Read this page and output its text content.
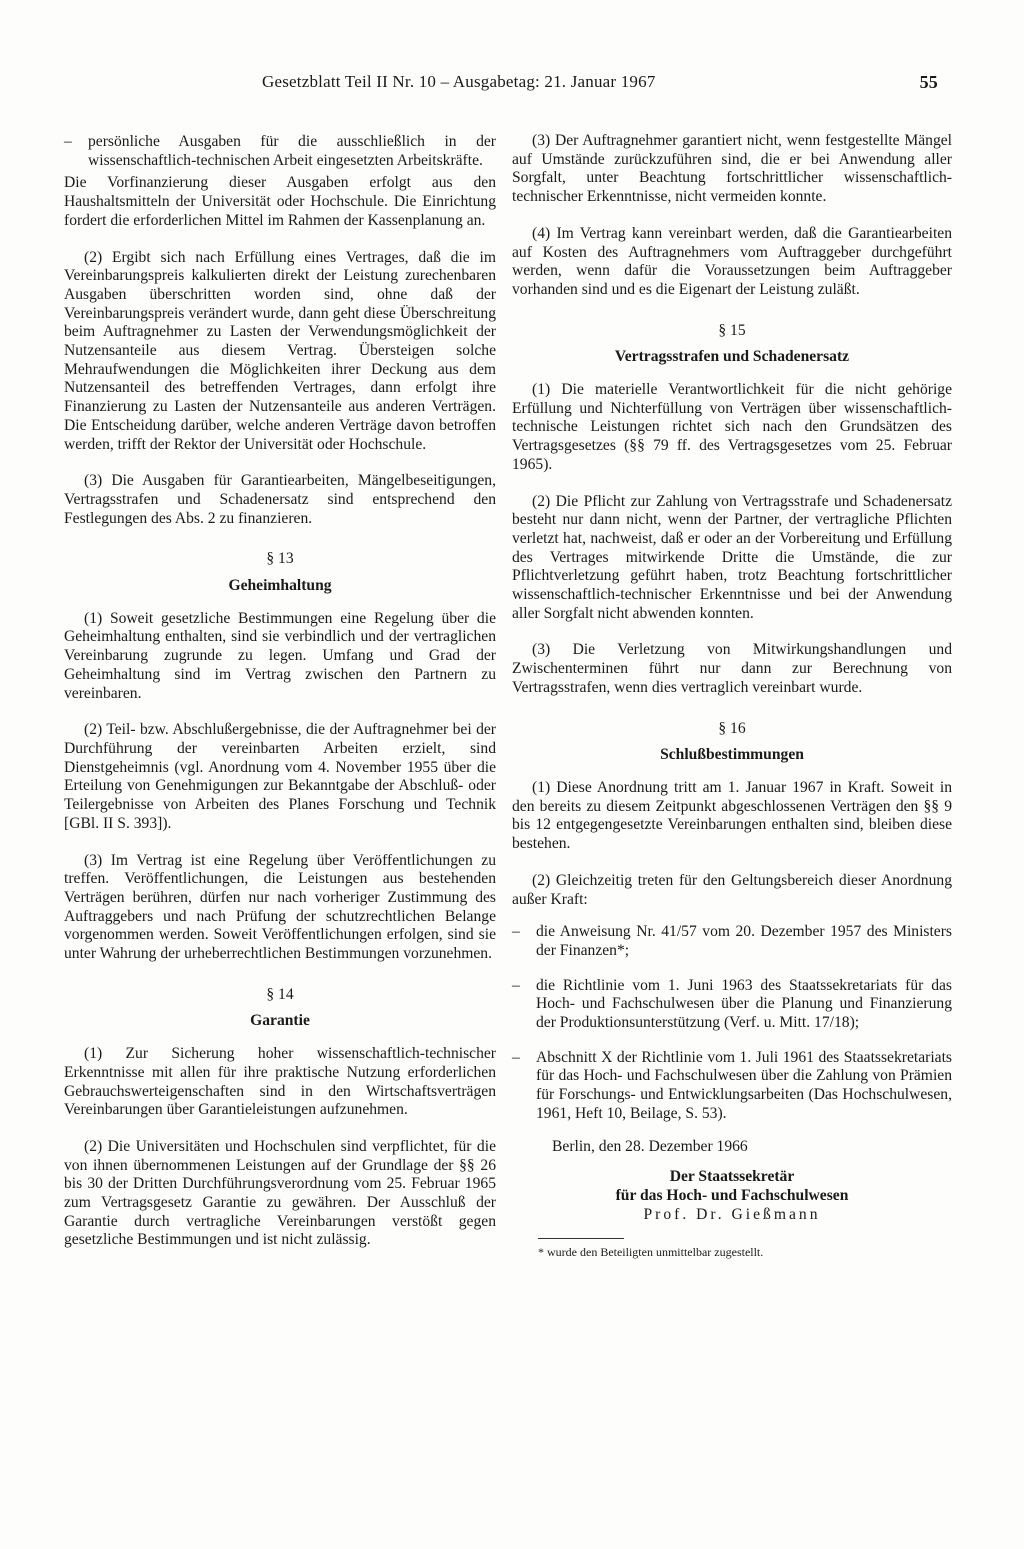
Gesetzblatt Teil II Nr. 10 – Ausgabetag: 21. Januar 1967	55
– persönliche Ausgaben für die ausschließlich in der wissenschaftlich-technischen Arbeit eingesetzten Arbeitskräfte.

Die Vorfinanzierung dieser Ausgaben erfolgt aus den Haushaltsmitteln der Universität oder Hochschule. Die Einrichtung fordert die erforderlichen Mittel im Rahmen der Kassenplanung an.

(2) Ergibt sich nach Erfüllung eines Vertrages, daß die im Vereinbarungspreis kalkulierten direkt der Leistung zurechenbaren Ausgaben überschritten worden sind, ohne daß der Vereinbarungspreis verändert wurde, dann geht diese Überschreitung beim Auftragnehmer zu Lasten der Verwendungsmöglichkeit der Nutzensanteile aus diesem Vertrag. Übersteigen solche Mehraufwendungen die Möglichkeiten ihrer Deckung aus dem Nutzensanteil des betreffenden Vertrages, dann erfolgt ihre Finanzierung zu Lasten der Nutzensanteile aus anderen Verträgen. Die Entscheidung darüber, welche anderen Verträge davon betroffen werden, trifft der Rektor der Universität oder Hochschule.

(3) Die Ausgaben für Garantiearbeiten, Mängelbeseitigungen, Vertragsstrafen und Schadenersatz sind entsprechend den Festlegungen des Abs. 2 zu finanzieren.

§ 13

Geheimhaltung

(1) Soweit gesetzliche Bestimmungen eine Regelung über die Geheimhaltung enthalten, sind sie verbindlich und der vertraglichen Vereinbarung zugrunde zu legen. Umfang und Grad der Geheimhaltung sind im Vertrag zwischen den Partnern zu vereinbaren.

(2) Teil- bzw. Abschlußergebnisse, die der Auftragnehmer bei der Durchführung der vereinbarten Arbeiten erzielt, sind Dienstgeheimnis (vgl. Anordnung vom 4. November 1955 über die Erteilung von Genehmigungen zur Bekanntgabe der Abschluß- oder Teilergebnisse von Arbeiten des Planes Forschung und Technik [GBl. II S. 393]).

(3) Im Vertrag ist eine Regelung über Veröffentlichungen zu treffen. Veröffentlichungen, die Leistungen aus bestehenden Verträgen berühren, dürfen nur nach vorheriger Zustimmung des Auftraggebers und nach Prüfung der schutzrechtlichen Belange vorgenommen werden. Soweit Veröffentlichungen erfolgen, sind sie unter Wahrung der urheberrechtlichen Bestimmungen vorzunehmen.

§ 14

Garantie

(1) Zur Sicherung hoher wissenschaftlich-technischer Erkenntnisse mit allen für ihre praktische Nutzung erforderlichen Gebrauchswerteigenschaften sind in den Wirtschaftsverträgen Vereinbarungen über Garantieleistungen aufzunehmen.

(2) Die Universitäten und Hochschulen sind verpflichtet, für die von ihnen übernommenen Leistungen auf der Grundlage der §§ 26 bis 30 der Dritten Durchführungsverordnung vom 25. Februar 1965 zum Vertragsgesetz Garantie zu gewähren. Der Ausschluß der Garantie durch vertragliche Vereinbarungen verstößt gegen gesetzliche Bestimmungen und ist nicht zulässig.

(3) Der Auftragnehmer garantiert nicht, wenn festgestellte Mängel auf Umstände zurückzuführen sind, die er bei Anwendung aller Sorgfalt, unter Beachtung fortschrittlicher wissenschaftlich-technischer Erkenntnisse, nicht vermeiden konnte.

(4) Im Vertrag kann vereinbart werden, daß die Garantiearbeiten auf Kosten des Auftragnehmers vom Auftraggeber durchgeführt werden, wenn dafür die Voraussetzungen beim Auftraggeber vorhanden sind und es die Eigenart der Leistung zuläßt.

§ 15

Vertragsstrafen und Schadenersatz

(1) Die materielle Verantwortlichkeit für die nicht gehörige Erfüllung und Nichterfüllung von Verträgen über wissenschaftlich-technische Leistungen richtet sich nach den Grundsätzen des Vertragsgesetzes (§§ 79 ff. des Vertragsgesetzes vom 25. Februar 1965).

(2) Die Pflicht zur Zahlung von Vertragsstrafe und Schadenersatz besteht nur dann nicht, wenn der Partner, der vertragliche Pflichten verletzt hat, nachweist, daß er oder an der Vorbereitung und Erfüllung des Vertrages mitwirkende Dritte die Umstände, die zur Pflichtverletzung geführt haben, trotz Beachtung fortschrittlicher wissenschaftlich-technischer Erkenntnisse und bei der Anwendung aller Sorgfalt nicht abwenden konnten.

(3) Die Verletzung von Mitwirkungshandlungen und Zwischenterminen führt nur dann zur Berechnung von Vertragsstrafen, wenn dies vertraglich vereinbart wurde.

§ 16

Schlußbestimmungen

(1) Diese Anordnung tritt am 1. Januar 1967 in Kraft. Soweit in den bereits zu diesem Zeitpunkt abgeschlossenen Verträgen den §§ 9 bis 12 entgegengesetzte Vereinbarungen enthalten sind, bleiben diese bestehen.

(2) Gleichzeitig treten für den Geltungsbereich dieser Anordnung außer Kraft:

– die Anweisung Nr. 41/57 vom 20. Dezember 1957 des Ministers der Finanzen*;
– die Richtlinie vom 1. Juni 1963 des Staatssekretariats für das Hoch- und Fachschulwesen über die Planung und Finanzierung der Produktionsunterstützung (Verf. u. Mitt. 17/18);
– Abschnitt X der Richtlinie vom 1. Juli 1961 des Staatssekretariats für das Hoch- und Fachschulwesen über die Zahlung von Prämien für Forschungs- und Entwicklungsarbeiten (Das Hochschulwesen, 1961, Heft 10, Beilage, S. 53).

Berlin, den 28. Dezember 1966

Der Staatssekretär

für das Hoch- und Fachschulwesen

Prof. Dr. Gießmann

* wurde den Beteiligten unmittelbar zugestellt.
